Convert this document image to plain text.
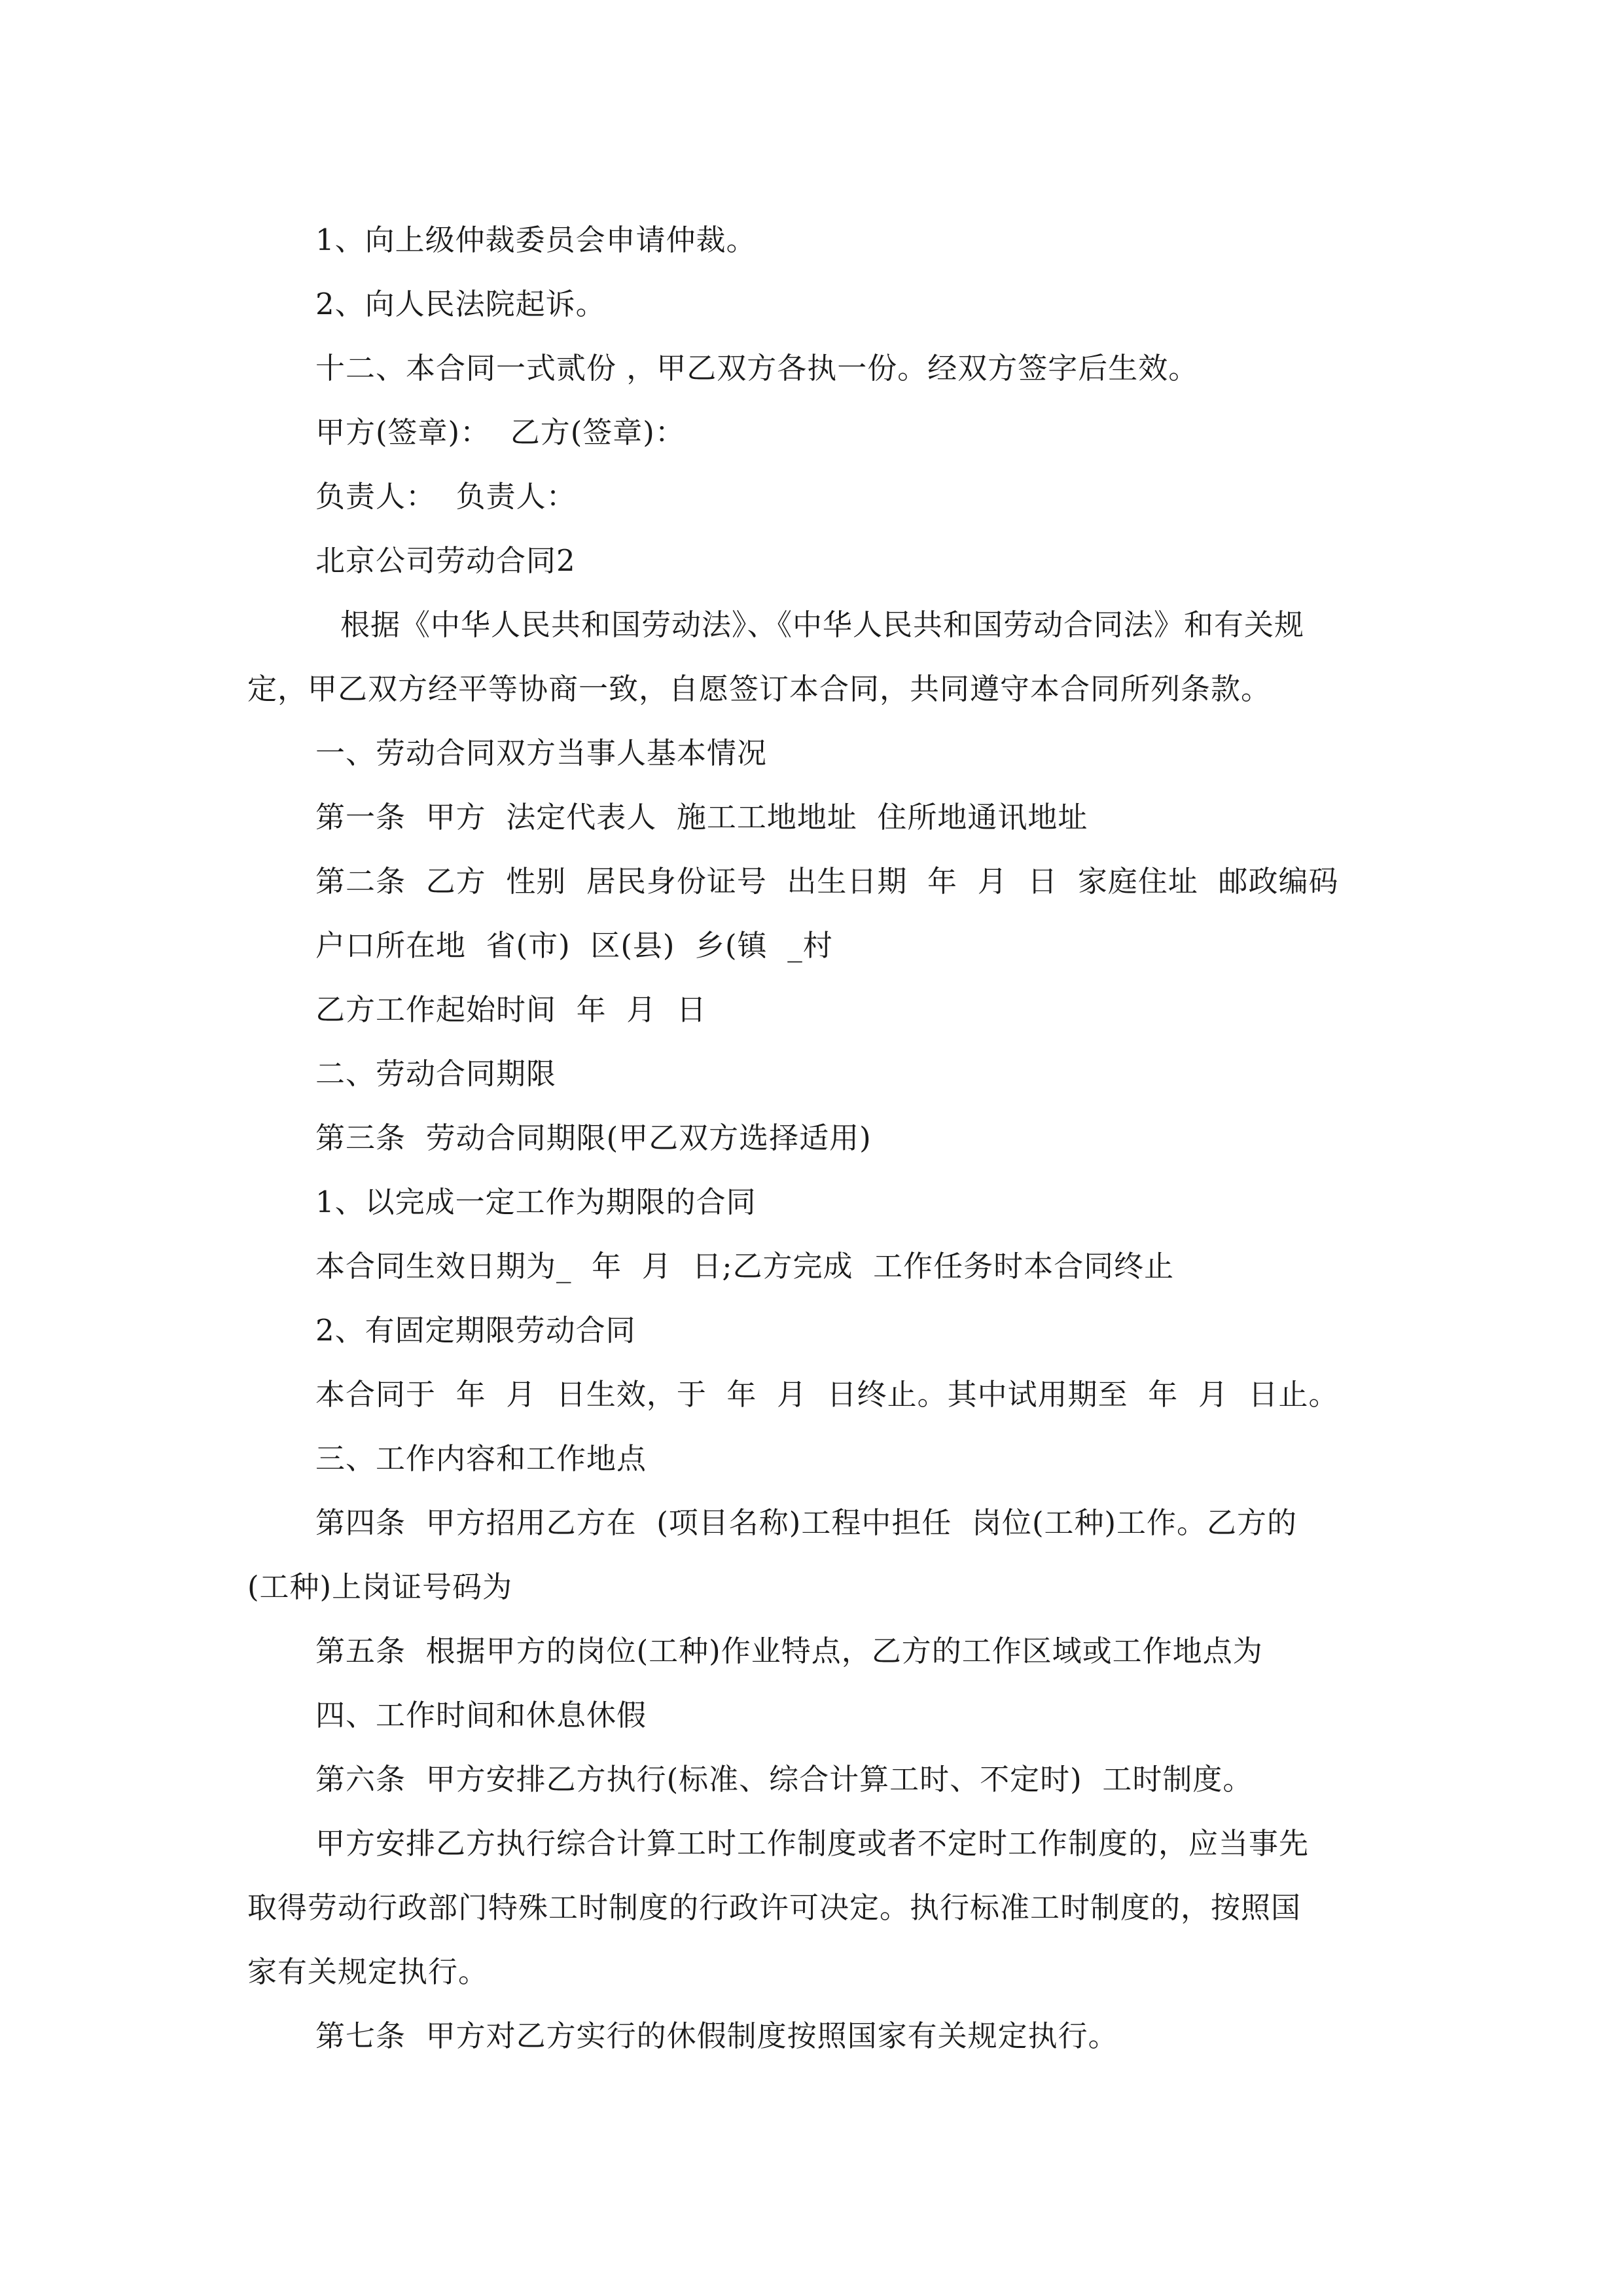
1、向上级仲裁委员会申请仲裁。
2、向人民法院起诉。
十二、本合同一式贰份 ，甲乙双方各执一份。经双方签字后生效。
甲方(签章)：  乙方(签章)：
负责人：  负责人：
北京公司劳动合同2
根据《中华人民共和国劳动法》、《中华人民共和国劳动合同法》和有关规
定，甲乙双方经平等协商一致，自愿签订本合同，共同遵守本合同所列条款。
一、劳动合同双方当事人基本情况
第一条  甲方  法定代表人  施工工地地址  住所地通讯地址
第二条  乙方  性别  居民身份证号  出生日期  年  月  日  家庭住址  邮政编码
户口所在地  省(市)  区(县)  乡(镇  _村
乙方工作起始时间  年  月  日
二、劳动合同期限
第三条  劳动合同期限(甲乙双方选择适用)
1、以完成一定工作为期限的合同
本合同生效日期为_  年  月  日;乙方完成  工作任务时本合同终止
2、有固定期限劳动合同
本合同于  年  月  日生效，于  年  月  日终止。其中试用期至  年  月  日止。
三、工作内容和工作地点
第四条  甲方招用乙方在  (项目名称)工程中担任  岗位(工种)工作。乙方的
(工种)上岗证号码为
第五条  根据甲方的岗位(工种)作业特点，乙方的工作区域或工作地点为
四、工作时间和休息休假
第六条  甲方安排乙方执行(标准、综合计算工时、不定时)  工时制度。
甲方安排乙方执行综合计算工时工作制度或者不定时工作制度的，应当事先
取得劳动行政部门特殊工时制度的行政许可决定。执行标准工时制度的，按照国
家有关规定执行。
第七条  甲方对乙方实行的休假制度按照国家有关规定执行。
